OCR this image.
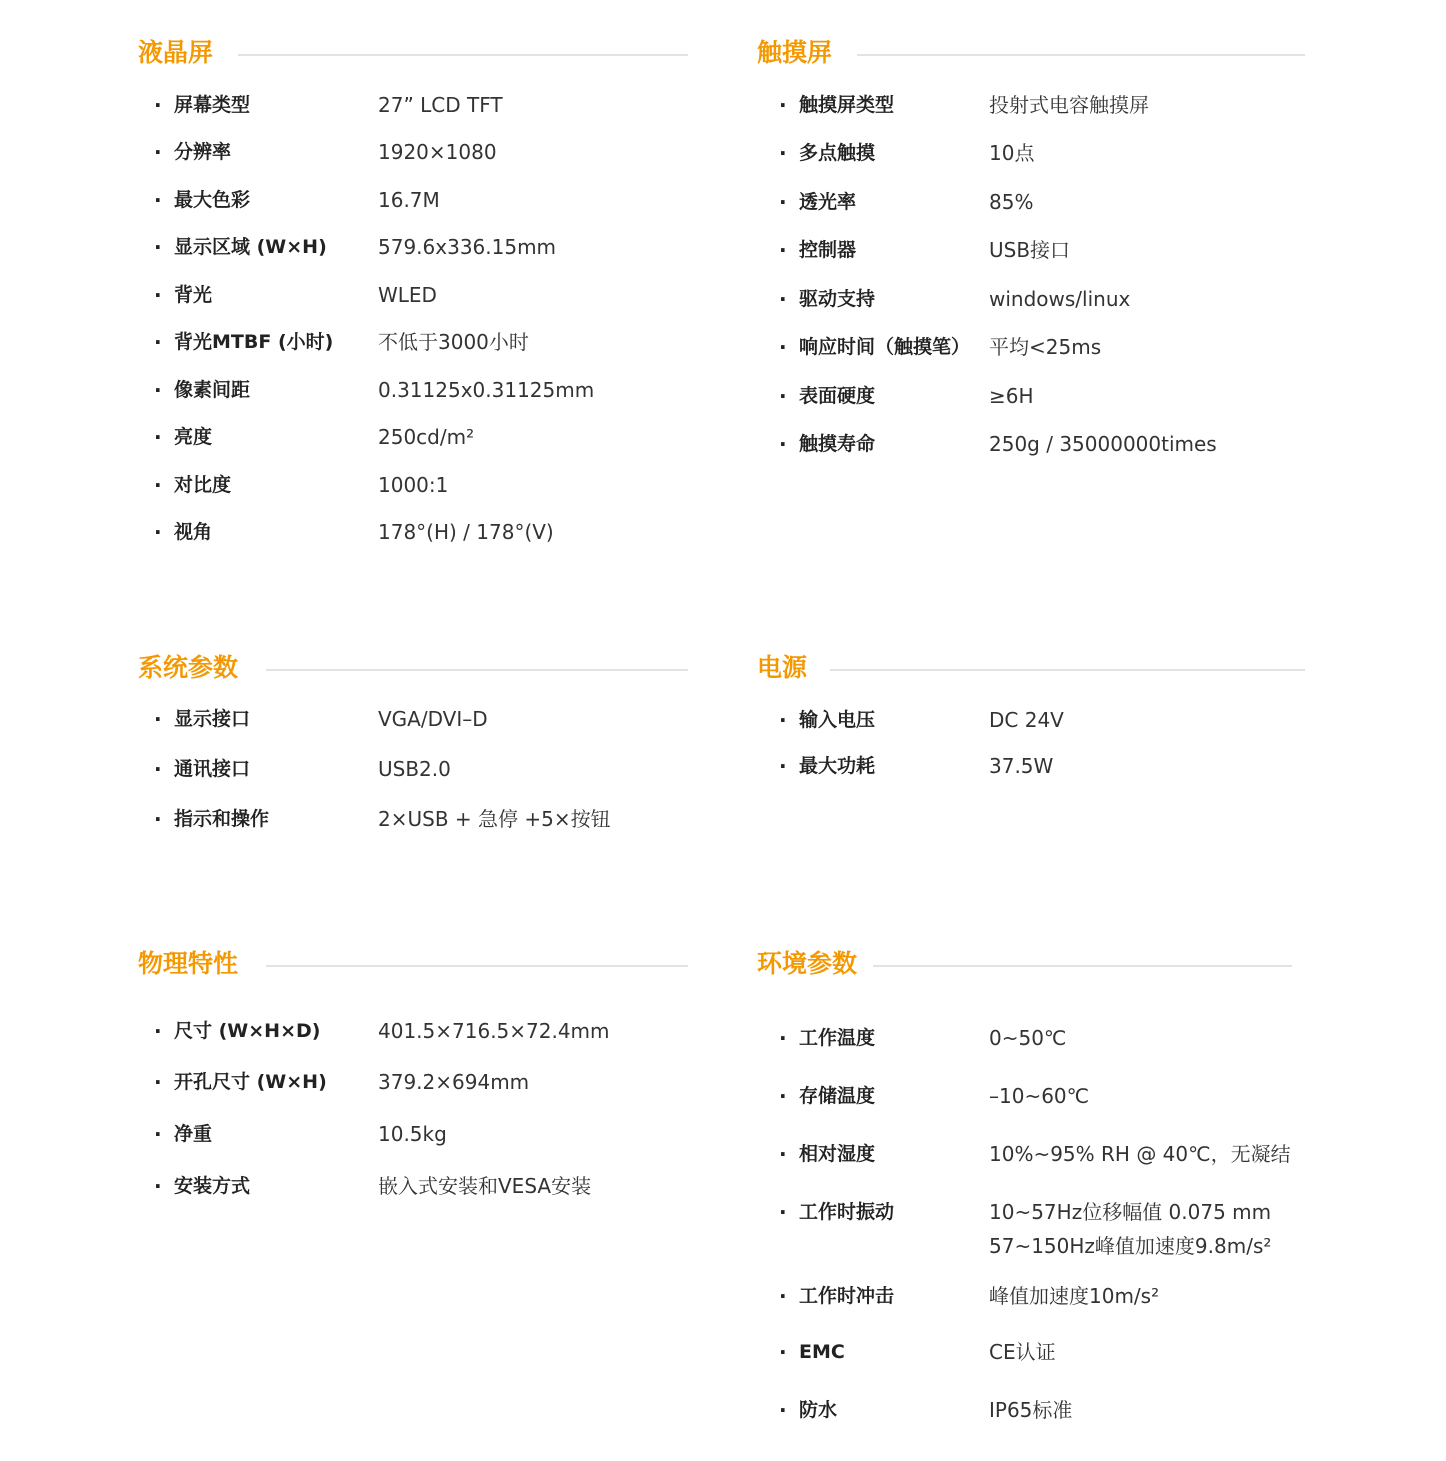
液晶屏
· 屏幕类型	27” LCD TFT
· 分辨率	1920×1080
· 最大色彩	16.7M
· 显示区域 (W×H)	579.6x336.15mm
· 背光	WLED
· 背光MTBF (小时) 不低于3000小时
· 像素间距	0.31125x0.31125mm
· 亮度	250cd/m²
· 对比度	1000:1
· 视角	178°(H) / 178°(V)
触摸屏
· 触摸屏类型	投射式电容触摸屏
· 多点触摸	10点
· 透光率	85%
· 控制器	USB接口
· 驱动支持	windows/linux
· 响应时间（触摸笔） 平均<25ms
· 表面硬度	≥6H
· 触摸寿命	250g / 35000000times
系统参数
· 显示接口	VGA/DVI–D
· 通讯接口	USB2.0
· 指示和操作	2×USB + 急停 +5×按钮
电源
· 输入电压	DC 24V
· 最大功耗	37.5W
物理特性
· 尺寸 (W×H×D)	401.5×716.5×72.4mm
· 开孔尺寸 (W×H)	379.2×694mm
· 净重	10.5kg
· 安装方式	嵌入式安装和VESA安装
环境参数
· 工作温度	0~50℃
· 存储温度	–10~60℃
· 相对湿度	10%~95% RH @ 40℃，无凝结
· 工作时振动	10~57Hz位移幅值 0.075 mm
57~150Hz峰值加速度9.8m/s²
· 工作时冲击	峰值加速度10m/s²
· EMC	CE认证
· 防水	IP65标准
